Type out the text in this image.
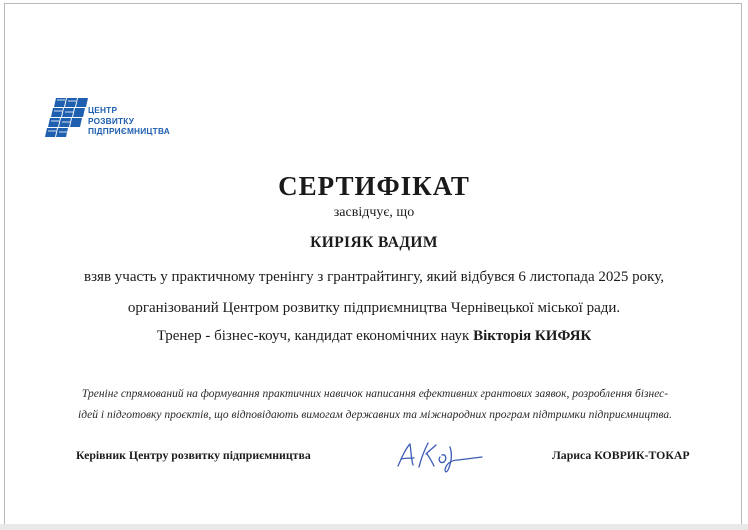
ЦЕНТР
РОЗВИТКУ
ПІДПРИЄМНИЦТВА
СЕРТИФІКАТ
засвідчує, що
КИРІЯК ВАДИМ
взяв участь у практичному тренінгу з грантрайтингу, який відбувся 6 листопада 2025 року,
організований Центром розвитку підприємництва Чернівецької міської ради.
Тренер - бізнес-коуч, кандидат економічних наук Вікторія КИФЯК
Тренінг спрямований на формування практичних навичок написання ефективних грантових заявок, розроблення бізнес-
ідей і підготовку проєктів, що відповідають вимогам державних та міжнародних програм підтримки підприємництва.
Керівник Центру розвитку підприємництва	Лариса КОВРИК-ТОКАР
